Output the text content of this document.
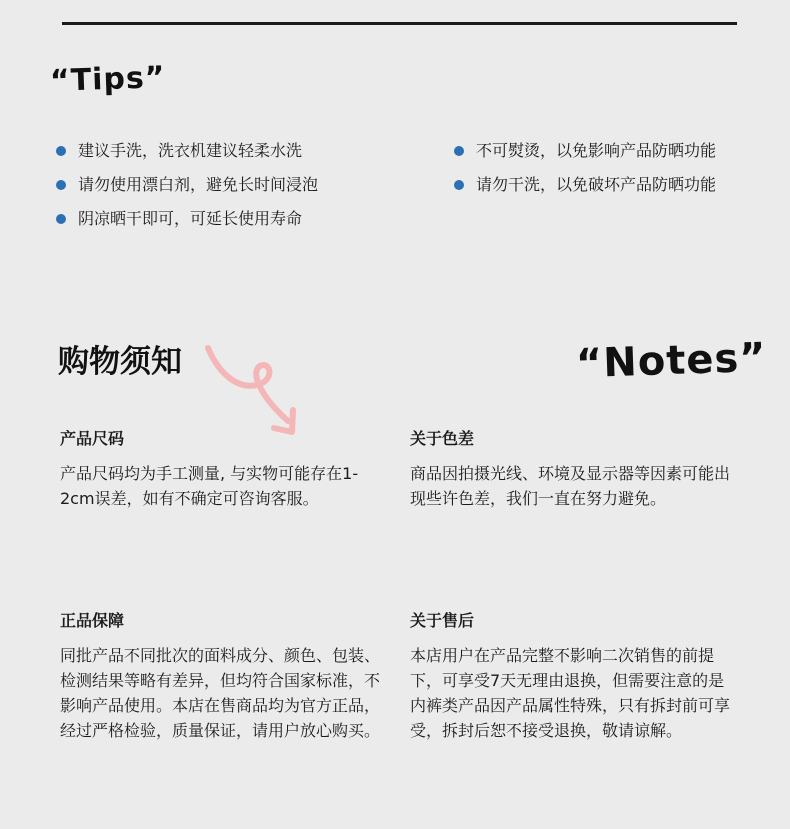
“Tips”
建议手洗，洗衣机建议轻柔水洗
请勿使用漂白剂，避免长时间浸泡
阴凉晒干即可，可延长使用寿命
不可熨烫，以免影响产品防晒功能
请勿干洗，以免破坏产品防晒功能
购物须知	“Notes”
产品尺码

产品尺码均为手工测量, 与实物可能存在1-2cm误差，如有不确定可咨询客服。

关于色差

商品因拍摄光线、环境及显示器等因素可能出现些许色差，我们一直在努力避免。

正品保障

同批产品不同批次的面料成分、颜色、包装、检测结果等略有差异，但均符合国家标准，不影响产品使用。本店在售商品均为官方正品，经过严格检验，质量保证，请用户放心购买。

关于售后

本店用户在产品完整不影响二次销售的前提下，可享受7天无理由退换，但需要注意的是内裤类产品因产品属性特殊，只有拆封前可享受，拆封后恕不接受退换，敬请谅解。
